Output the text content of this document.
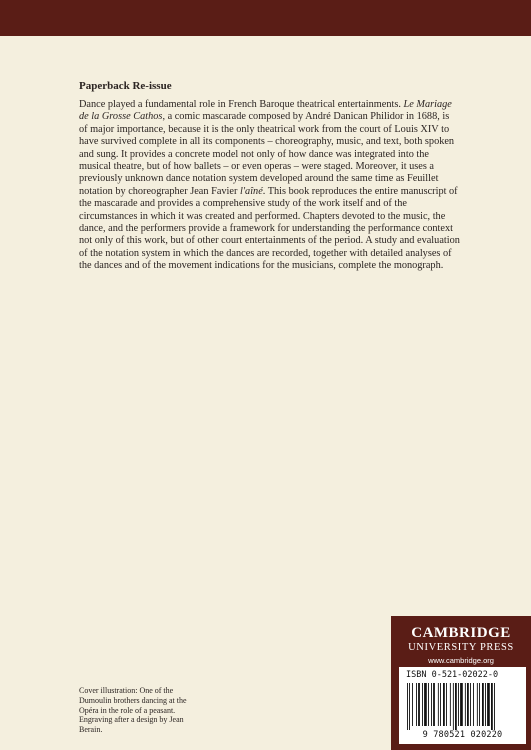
Paperback Re-issue

Dance played a fundamental role in French Baroque theatrical entertainments. Le Mariage de la Grosse Cathos, a comic mascarade composed by André Danican Philidor in 1688, is of major importance, because it is the only theatrical work from the court of Louis XIV to have survived complete in all its components – choreography, music, and text, both spoken and sung. It provides a concrete model not only of how dance was integrated into the musical theatre, but of how ballets – or even operas – were staged. Moreover, it uses a previously unknown dance notation system developed around the same time as Feuillet notation by choreographer Jean Favier l'aîné. This book reproduces the entire manuscript of the mascarade and provides a comprehensive study of the work itself and of the circumstances in which it was created and performed. Chapters devoted to the music, the dance, and the performers provide a framework for understanding the performance context not only of this work, but of other court entertainments of the period. A study and evaluation of the notation system in which the dances are recorded, together with detailed analyses of the dances and of the movement indications for the musicians, complete the monograph.

Cover illustration: One of the Dumoulin brothers dancing at the Opéra in the role of a peasant. Engraving after a design by Jean Berain.

CAMBRIDGE
UNIVERSITY PRESS
www.cambridge.org
ISBN 0-521-02022-0
9 780521 020220
